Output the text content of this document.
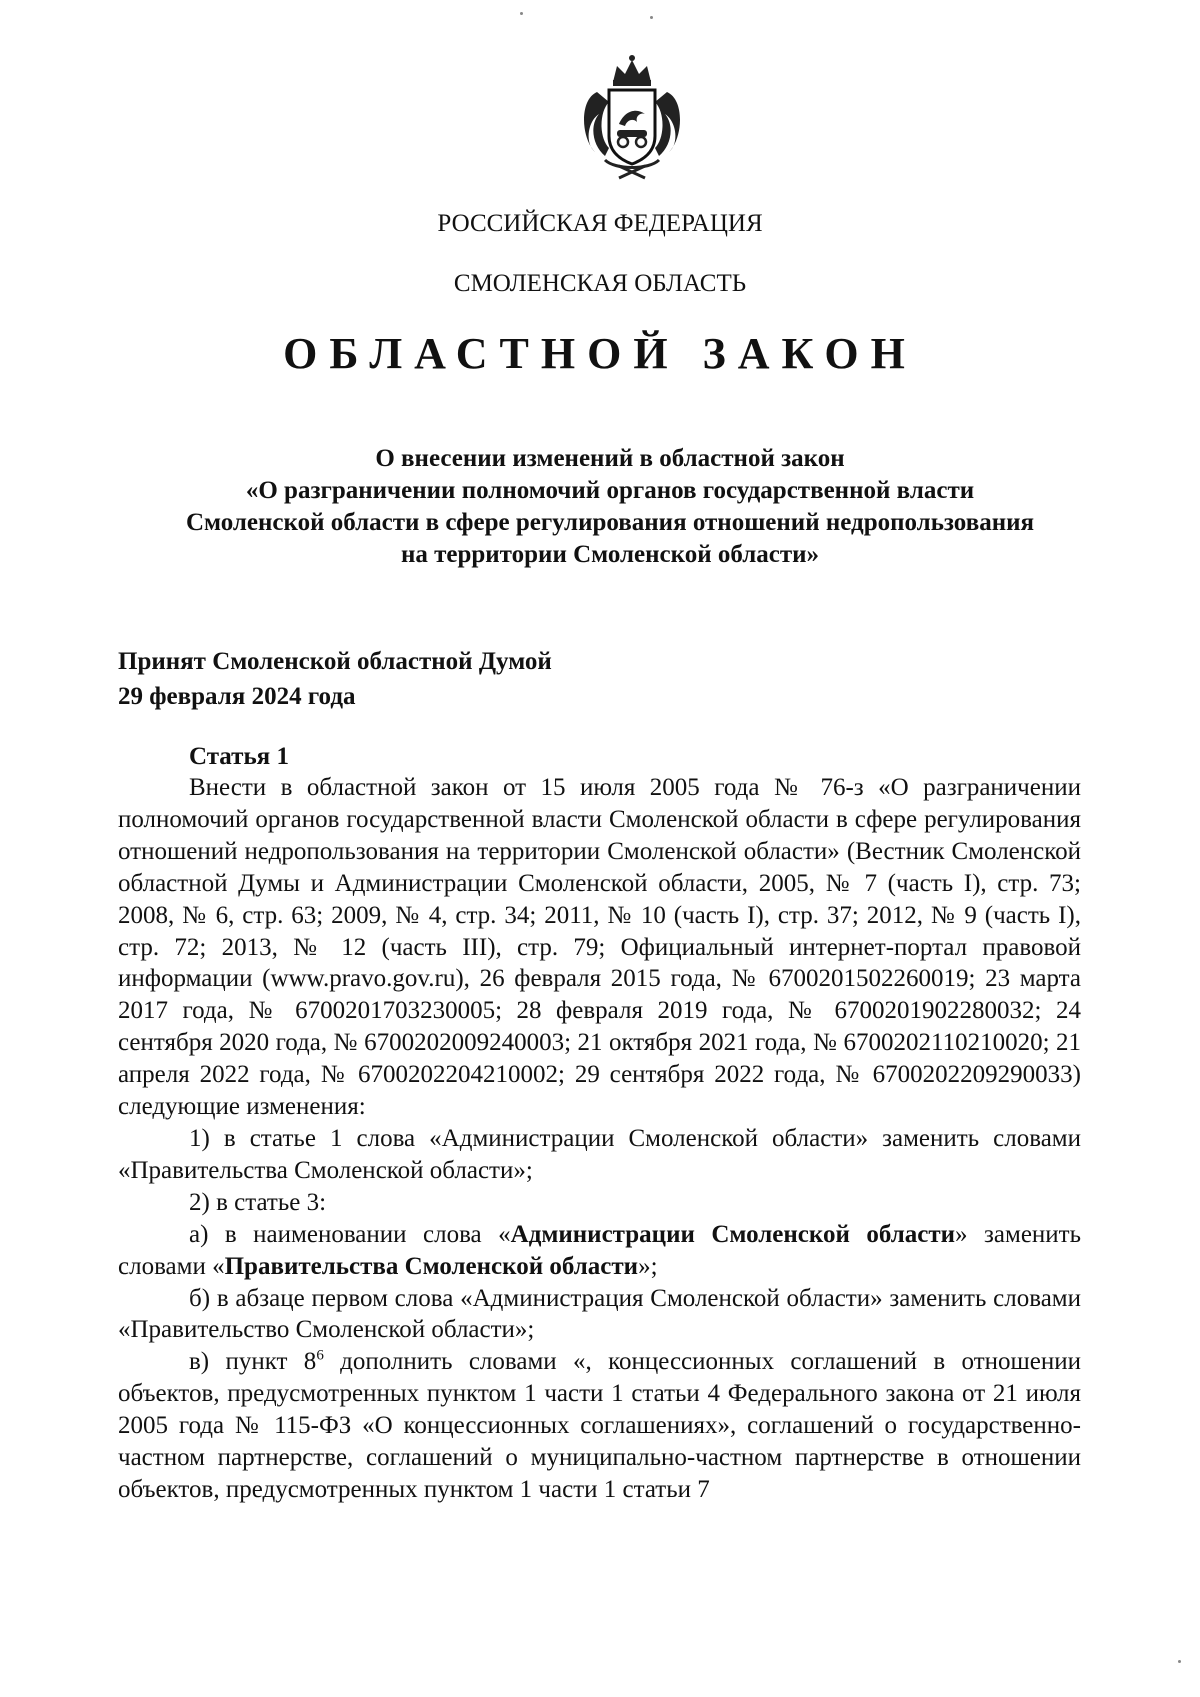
РОССИЙСКАЯ ФЕДЕРАЦИЯ
СМОЛЕНСКАЯ ОБЛАСТЬ
ОБЛАСТНОЙ ЗАКОН
О внесении изменений в областной закон
«О разграничении полномочий органов государственной власти
Смоленской области в сфере регулирования отношений недропользования
на территории Смоленской области»
Принят Смоленской областной Думой
29 февраля 2024 года
Статья 1

Внести в областной закон от 15 июля 2005 года № 76-з «О разграничении полномочий органов государственной власти Смоленской области в сфере регулирования отношений недропользования на территории Смоленской области» (Вестник Смоленской областной Думы и Администрации Смоленской области, 2005, № 7 (часть I), стр. 73; 2008, № 6, стр. 63; 2009, № 4, стр. 34; 2011, № 10 (часть I), стр. 37; 2012, № 9 (часть I), стр. 72; 2013, № 12 (часть III), стр. 79; Официальный интернет-портал правовой информации (www.pravo.gov.ru), 26 февраля 2015 года, № 6700201502260019; 23 марта 2017 года, № 6700201703230005; 28 февраля 2019 года, № 6700201902280032; 24 сентября 2020 года, № 6700202009240003; 21 октября 2021 года, № 6700202110210020; 21 апреля 2022 года, № 6700202204210002; 29 сентября 2022 года, № 6700202209290033) следующие изменения:

1) в статье 1 слова «Администрации Смоленской области» заменить словами «Правительства Смоленской области»;

2) в статье 3:

а) в наименовании слова «Администрации Смоленской области» заменить словами «Правительства Смоленской области»;

б) в абзаце первом слова «Администрация Смоленской области» заменить словами «Правительство Смоленской области»;

в) пункт $8^6$ дополнить словами «, концессионных соглашений в отношении объектов, предусмотренных пунктом 1 части 1 статьи 4 Федерального закона от 21 июля 2005 года № 115-ФЗ «О концессионных соглашениях», соглашений о государственно-частном партнерстве, соглашений о муниципально-частном партнерстве в отношении объектов, предусмотренных пунктом 1 части 1 статьи 7
